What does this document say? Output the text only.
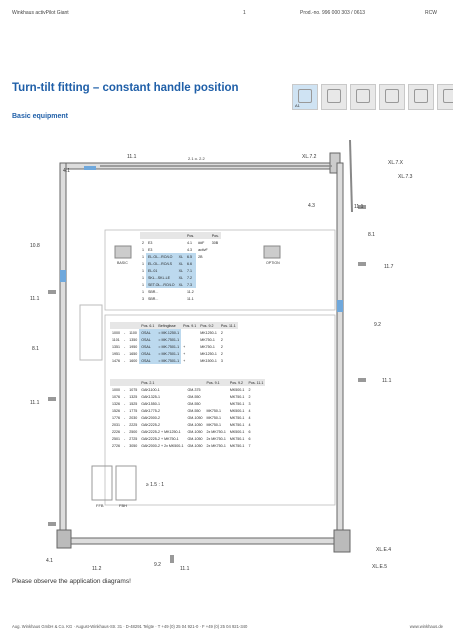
Winkhaus activPilot Giant	1	Prod.-no. 996 000 303 / 0613	RCW
Turn-tilt fitting – constant handle position
Basic equipment
A1
11.1	2.1 o. 2.2	XL.7.2
XL.7.X
XL.7.3
4.1
4.3	11.1
8.1
11.7
10.8
11.1
8.1
11.1
9.2
11.1
OPTION
BASIC
FFB	FBH
≥ 1.5 : 1
4.1
11.2
9.2
11.1
XL.E.4
XL.E.5
			Pos.		Pos.
2	E3		4.1	##F	30B
1	E3		4.3	activF	
1	EL.OL...RO/LO	XL	6.5	2B	
1	EL.OL...RO/LS	XL	6.6		
1	EL.01	XL	7.1		
1	SKL...SKL.LE	XL	7.2		
1	SET.OL...RO/LO	XL	7.3		
1	SBR...		11.2		
3	SBR...		11.1		
			Pos. 6.1	Befinglisse	Pos. 9.1	Pos. 9.2	Pos. 11.1
1000	-	1100	OSAL	= MK.1250-1		MK1250-1	2
1101	-	1350	OSAL	= MK.7501-1		MK750-1	2
1351	-	1950	OSAL	= MK.7501-1	+	MK750-1	2
1951	-	1650	OSAL	= MK.7501-1	+	MK1250-1	2
1476	-	1600	OSAL	= MK.7501-1	+	MK1500-1	3
			Pos. 2.1		Pos. 9.1	Pos. 9.2	Pos. 11.1
1000	-	1075	GAK1100-1	GM-375		MK500-1	2
1076	-	1325	GAK1325-1	GM-550		MK750-1	2
1326	-	1525	GAK1550-1	GM-550		MK750-1	3
1526	-	1775	GAK1775-2	GM-550	MK750-1	MK500-1	4
1776	-	2030	GAK2000-2	GM-1050	MK750-1	MK750-1	4
2031	-	2225	GAK2225-2	GM-1050	MK750-1	MK750-1	4
2226	-	2500	GAK2225-2 + MK1250-1	GM-1050	2x MK750-1	MK500-1	6
2501	-	2725	GAK2225-2 + MK750-1	GM-1050	2x MK750-1	MK750-1	6
2726	-	3050	GAK2000-2 + 2x MK500-1	GM-1050	2x MK750-1	MK750-1	7
Please observe the application diagrams!
Aug. Winkhaus GmbH & Co. KG · August-Winkhaus-Str. 31 · D-48291 Telgte · T +49 (0) 25 04 921-0 · F +49 (0) 25 04 921-340	www.winkhaus.de
